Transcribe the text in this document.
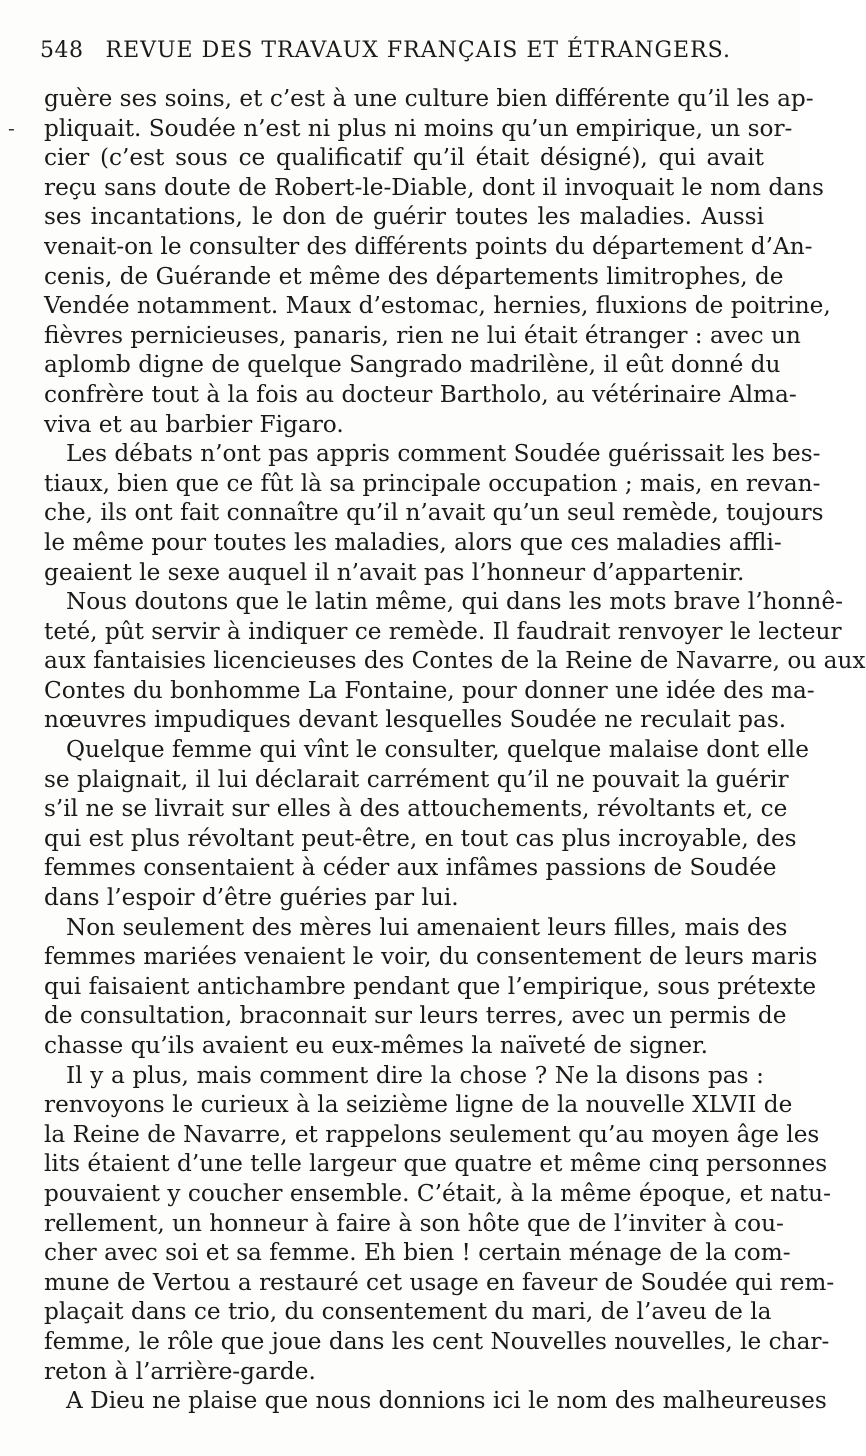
548 REVUE DES TRAVAUX FRANÇAIS ET ÉTRANGERS.
-
guère ses soins, et c’est à une culture bien différente qu’il les ap-
pliquait. Soudée n’est ni plus ni moins qu’un empirique, un sor-
cier (c’est sous ce qualificatif qu’il était désigné), qui avait
reçu sans doute de Robert-le-Diable, dont il invoquait le nom dans
ses incantations, le don de guérir toutes les maladies. Aussi
venait-on le consulter des différents points du département d’An-
cenis, de Guérande et même des départements limitrophes, de
Vendée notamment. Maux d’estomac, hernies, fluxions de poitrine,
fièvres pernicieuses, panaris, rien ne lui était étranger : avec un
aplomb digne de quelque Sangrado madrilène, il eût donné du
confrère tout à la fois au docteur Bartholo, au vétérinaire Alma-
viva et au barbier Figaro.
Les débats n’ont pas appris comment Soudée guérissait les bes-
tiaux, bien que ce fût là sa principale occupation ; mais, en revan-
che, ils ont fait connaître qu’il n’avait qu’un seul remède, toujours
le même pour toutes les maladies, alors que ces maladies affli-
geaient le sexe auquel il n’avait pas l’honneur d’appartenir.
Nous doutons que le latin même, qui dans les mots brave l’honnê-
teté, pût servir à indiquer ce remède. Il faudrait renvoyer le lecteur
aux fantaisies licencieuses des Contes de la Reine de Navarre, ou aux
Contes du bonhomme La Fontaine, pour donner une idée des ma-
nœuvres impudiques devant lesquelles Soudée ne reculait pas.
Quelque femme qui vînt le consulter, quelque malaise dont elle
se plaignait, il lui déclarait carrément qu’il ne pouvait la guérir
s’il ne se livrait sur elles à des attouchements, révoltants et, ce
qui est plus révoltant peut-être, en tout cas plus incroyable, des
femmes consentaient à céder aux infâmes passions de Soudée
dans l’espoir d’être guéries par lui.
Non seulement des mères lui amenaient leurs filles, mais des
femmes mariées venaient le voir, du consentement de leurs maris
qui faisaient antichambre pendant que l’empirique, sous prétexte
de consultation, braconnait sur leurs terres, avec un permis de
chasse qu’ils avaient eu eux-mêmes la naïveté de signer.
Il y a plus, mais comment dire la chose ? Ne la disons pas :
renvoyons le curieux à la seizième ligne de la nouvelle XLVII de
la Reine de Navarre, et rappelons seulement qu’au moyen âge les
lits étaient d’une telle largeur que quatre et même cinq personnes
pouvaient y coucher ensemble. C’était, à la même époque, et natu-
rellement, un honneur à faire à son hôte que de l’inviter à cou-
cher avec soi et sa femme. Eh bien ! certain ménage de la com-
mune de Vertou a restauré cet usage en faveur de Soudée qui rem-
plaçait dans ce trio, du consentement du mari, de l’aveu de la
femme, le rôle que joue dans les cent Nouvelles nouvelles, le char-
reton à l’arrière-garde.
A Dieu ne plaise que nous donnions ici le nom des malheureuses
